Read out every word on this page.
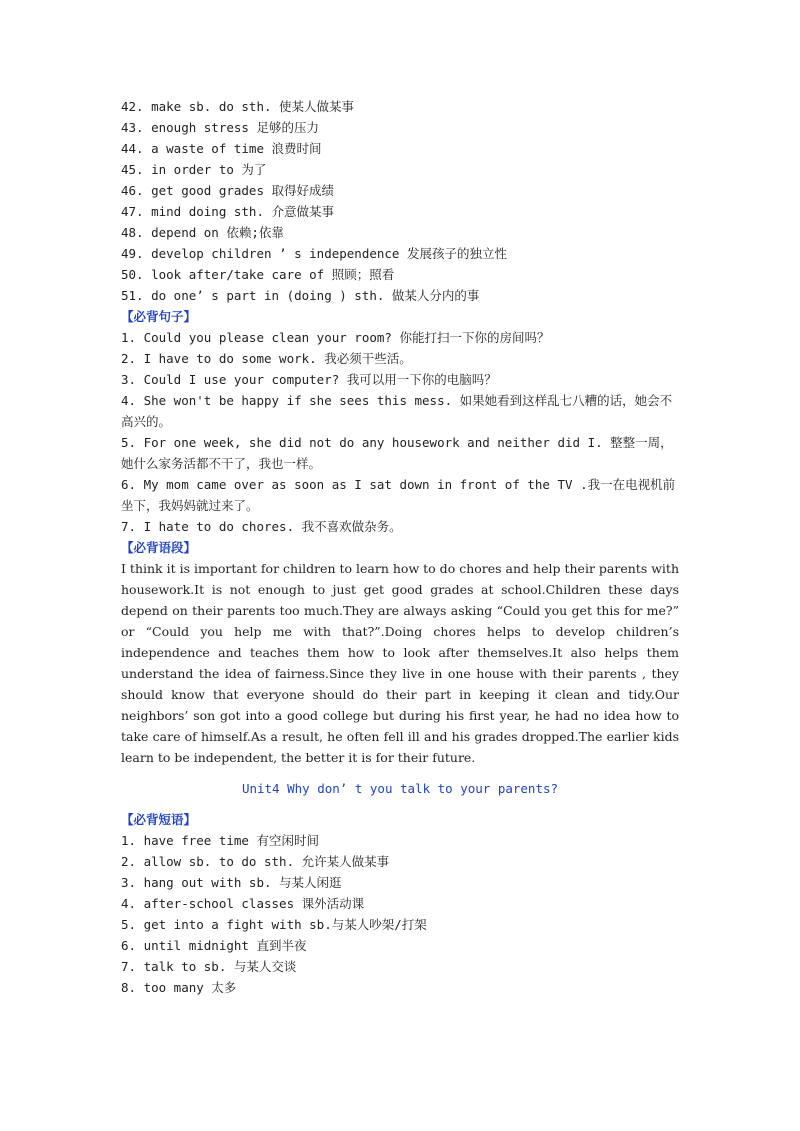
42. make sb. do sth. 使某人做某事
43. enough stress 足够的压力
44. a waste of time 浪费时间
45. in order to 为了
46. get good grades 取得好成绩
47. mind doing sth. 介意做某事
48. depend on 依赖;依靠
49. develop children ’ s independence 发展孩子的独立性
50. look after/take care of 照顾；照看
51. do one’ s part in (doing ) sth. 做某人分内的事
【必背句子】
1. Could you please clean your room? 你能打扫一下你的房间吗？
2. I have to do some work. 我必须干些活。
3. Could I use your computer? 我可以用一下你的电脑吗？
4. She won't be happy if she sees this mess. 如果她看到这样乱七八糟的话，她会不高兴的。
5. For one week, she did not do any housework and neither did I. 整整一周，她什么家务活都不干了，我也一样。
6. My mom came over as soon as I sat down in front of the TV .我一在电视机前坐下，我妈妈就过来了。
7. I hate to do chores. 我不喜欢做杂务。
【必背语段】
I think it is important for children to learn how to do chores and help their parents with housework.It is not enough to just get good grades at school.Children these days depend on their parents too much.They are always asking “Could you get this for me?” or “Could you help me with that?”.Doing chores helps to develop children’s independence and teaches them how to look after themselves.It also helps them understand the idea of fairness.Since they live in one house with their parents , they should know that everyone should do their part in keeping it clean and tidy.Our neighbors’ son got into a good college but during his first year, he had no idea how to take care of himself.As a result, he often fell ill and his grades dropped.The earlier kids learn to be independent, the better it is for their future.
Unit4 Why don’ t you talk to your parents?
【必背短语】
1. have free time 有空闲时间
2. allow sb. to do sth. 允许某人做某事
3. hang out with sb. 与某人闲逛
4. after-school classes 课外活动课
5. get into a fight with sb.与某人吵架/打架
6. until midnight 直到半夜
7. talk to sb. 与某人交谈
8. too many 太多
